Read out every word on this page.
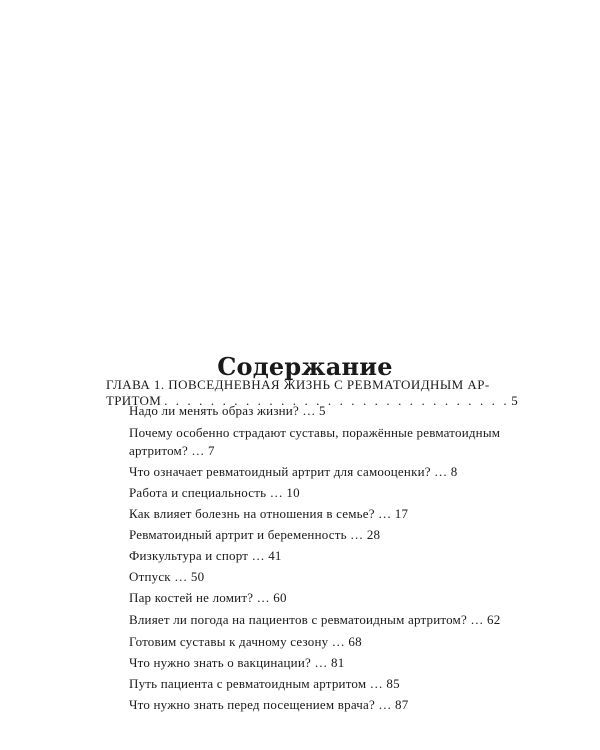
Содержание
ГЛАВА 1. ПОВСЕДНЕВНАЯ ЖИЗНЬ С РЕВМАТОИДНЫМ АР-
ТРИТОМ . . .	5
Надо ли менять образ жизни? … 5
Почему особенно страдают суставы, поражённые ревматоидным артритом? … 7
Что означает ревматоидный артрит для самооценки? … 8
Работа и специальность … 10
Как влияет болезнь на отношения в семье? … 17
Ревматоидный артрит и беременность … 28
Физкультура и спорт … 41
Отпуск … 50
Пар костей не ломит? … 60
Влияет ли погода на пациентов с ревматоидным артритом? … 62
Готовим суставы к дачному сезону … 68
Что нужно знать о вакцинации? … 81
Путь пациента с ревматоидным артритом … 85
Что нужно знать перед посещением врача? … 87
